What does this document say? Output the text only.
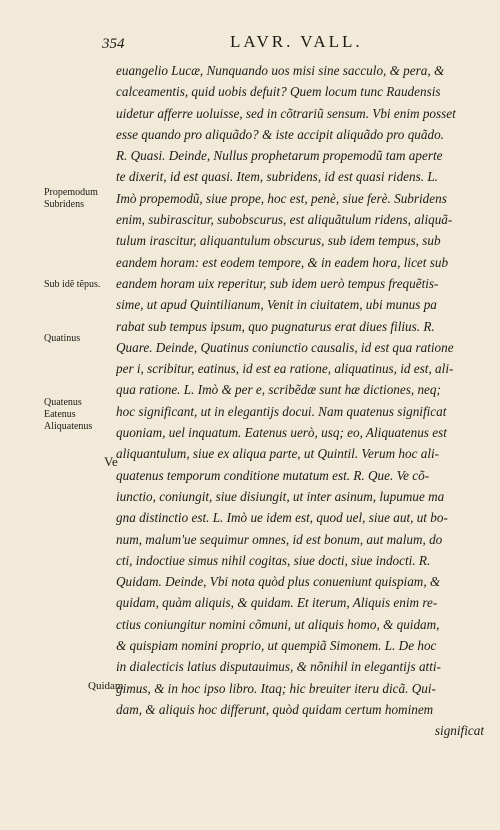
354	LAVR. VALL.
euangelio Lucæ, Nunquando uos misi sine sacculo, & pera, &
calceamentis, quid uobis defuit? Quem locum tunc Raudensis
uidetur afferre uoluisse, sed in cõtrariũ sensum. Vbi enim posset
esse quando pro aliquãdo? & iste accipit aliquãdo pro quãdo.
R. Quasi. Deinde, Nullus prophetarum propemodũ tam aperte
te dixerit, id est quasi. Item, subridens, id est quasi ridens. L.
Imò propemodũ, siue prope, hoc est, penè, siue ferè. Subridens
enim, subirascitur, subobscurus, est aliquãtulum ridens, aliquã-
tulum irascitur, aliquantulum obscurus, sub idem tempus, sub
eandem horam: est eodem tempore, & in eadem hora, licet sub
eandem horam uix reperitur, sub idem uerò tempus frequẽtis-
sime, ut apud Quintilianum, Venit in ciuitatem, ubi munus pa
rabat sub tempus ipsum, quo pugnaturus erat diues filius. R.
Quare. Deinde, Quatinus coniunctio causalis, id est qua ratione
per i, scribitur, eatinus, id est ea ratione, aliquatinus, id est, ali-
qua ratione. L. Imò & per e, scribẽdæ sunt hæ dictiones, neq;
hoc significant, ut in elegantijs docui. Nam quatenus significat
quoniam, uel inquatum. Eatenus uerò, usq; eo, Aliquatenus est
aliquantulum, siue ex aliqua parte, ut Quintil. Verum hoc ali-
quatenus temporum conditione mutatum est. R. Que. Ve cõ-
iunctio, coniungit, siue disiungit, ut inter asinum, lupumue ma
gna distinctio est. L. Imò ue idem est, quod uel, siue aut, ut bo-
num, malum'ue sequimur omnes, id est bonum, aut malum, do
cti, indoctiue simus nihil cogitas, siue docti, siue indocti. R.
Quidam. Deinde, Vbi nota quòd plus conueniunt quispiam, &
quidam, quàm aliquis, & quidam. Et iterum, Aliquis enim re-
ctius coniungitur nomini cõmuni, ut aliquis homo, & quidam,
& quispiam nomini proprio, ut quempiã Simonem. L. De hoc
in dialecticis latius disputauimus, & nõnihil in elegantijs atti-
gimus, & in hoc ipso libro. Itaq; hic breuiter iteru dicã. Qui-
dam, & aliquis hoc differunt, quòd quidam certum hominem
significat
Propemodum
Subridens
Sub idẽ tẽpus.
Quatinus
Quatenus
Eatenus
Aliquatenus
Ve
Quidam
